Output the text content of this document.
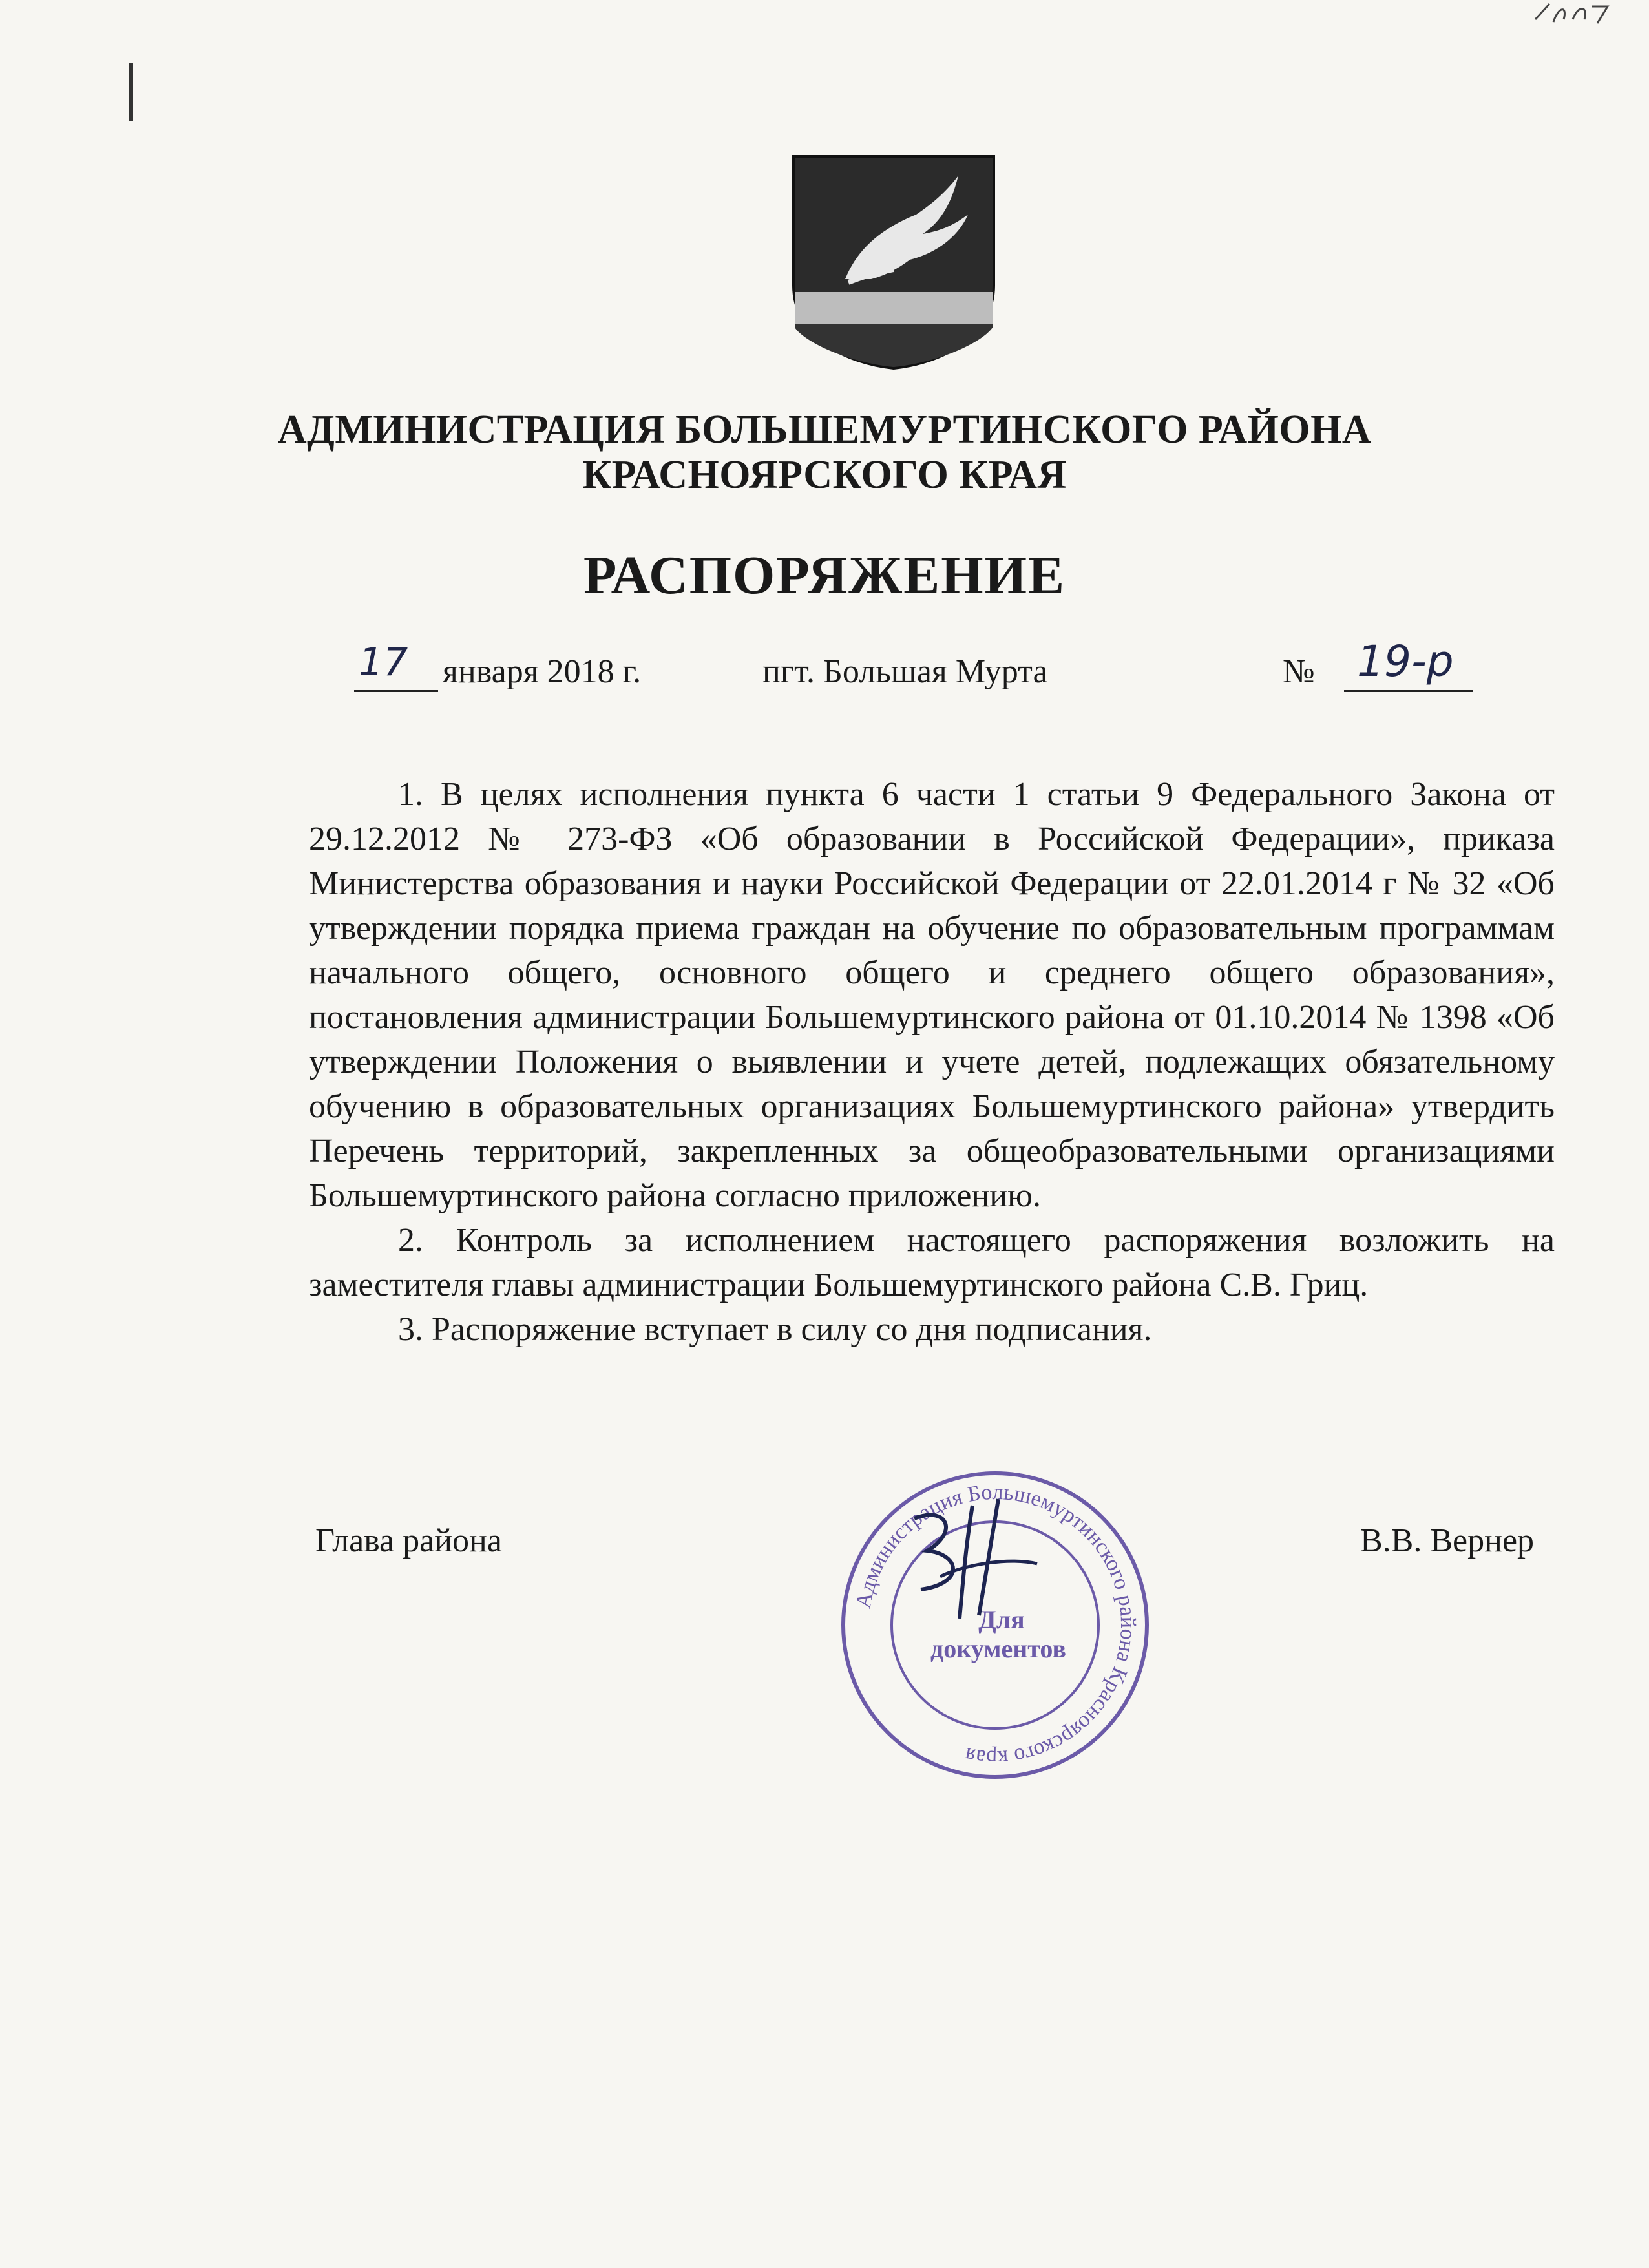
АДМИНИСТРАЦИЯ БОЛЬШЕМУРТИНСКОГО РАЙОНА
КРАСНОЯРСКОГО КРАЯ
РАСПОРЯЖЕНИЕ
17 января 2018 г.	пгт. Большая Мурта	№ 19-р

1. В целях исполнения пункта 6 части 1 статьи 9 Федерального Закона от 29.12.2012 № 273-ФЗ «Об образовании в Российской Федерации», приказа Министерства образования и науки Российской Федерации от 22.01.2014 г № 32 «Об утверждении порядка приема граждан на обучение по образовательным программам начального общего, основного общего и среднего общего образования», постановления администрации Большемуртинского района от 01.10.2014 № 1398 «Об утверждении Положения о выявлении и учете детей, подлежащих обязательному обучению в образовательных организациях Большемуртинского района» утвердить Перечень территорий, закрепленных за общеобразовательными организациями Большемуртинского района согласно приложению.

2. Контроль за исполнением настоящего распоряжения возложить на заместителя главы администрации Большемуртинского района С.В. Гриц.

3. Распоряжение вступает в силу со дня подписания.

Глава района	В.В. Вернер
Администрация Большемуртинского района Красноярского края
Для
документов
